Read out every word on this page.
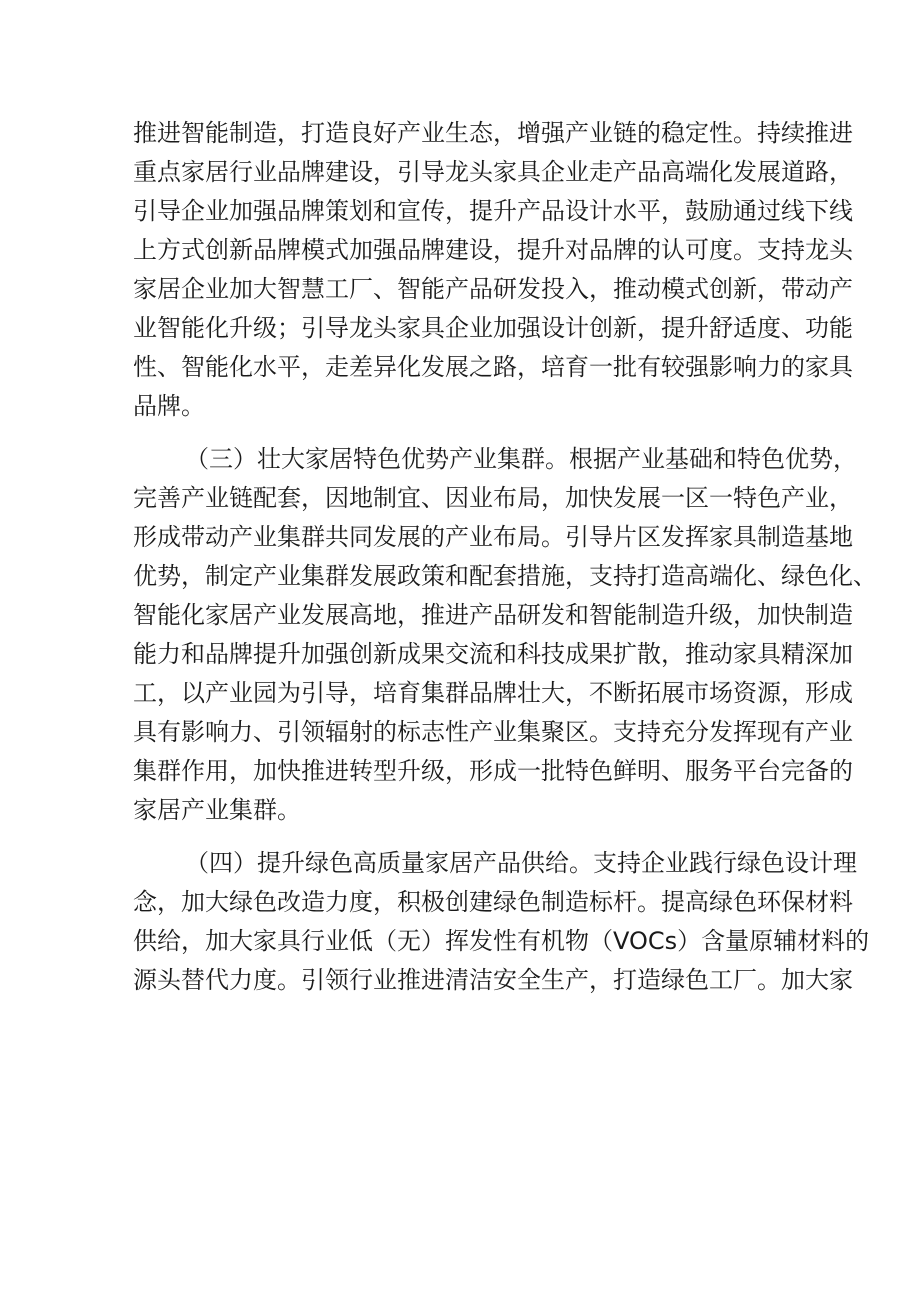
推进智能制造，打造良好产业生态，增强产业链的稳定性。持续推进
重点家居行业品牌建设，引导龙头家具企业走产品高端化发展道路，
引导企业加强品牌策划和宣传，提升产品设计水平，鼓励通过线下线
上方式创新品牌模式加强品牌建设，提升对品牌的认可度。支持龙头
家居企业加大智慧工厂、智能产品研发投入，推动模式创新，带动产
业智能化升级；引导龙头家具企业加强设计创新，提升舒适度、功能
性、智能化水平，走差异化发展之路，培育一批有较强影响力的家具
品牌。
（三）壮大家居特色优势产业集群。根据产业基础和特色优势，
完善产业链配套，因地制宜、因业布局，加快发展一区一特色产业，
形成带动产业集群共同发展的产业布局。引导片区发挥家具制造基地
优势，制定产业集群发展政策和配套措施，支持打造高端化、绿色化、
智能化家居产业发展高地，推进产品研发和智能制造升级，加快制造
能力和品牌提升加强创新成果交流和科技成果扩散，推动家具精深加
工，以产业园为引导，培育集群品牌壮大，不断拓展市场资源，形成
具有影响力、引领辐射的标志性产业集聚区。支持充分发挥现有产业
集群作用，加快推进转型升级，形成一批特色鲜明、服务平台完备的
家居产业集群。
（四）提升绿色高质量家居产品供给。支持企业践行绿色设计理
念，加大绿色改造力度，积极创建绿色制造标杆。提高绿色环保材料
供给，加大家具行业低（无）挥发性有机物（VOCs）含量原辅材料的
源头替代力度。引领行业推进清洁安全生产，打造绿色工厂。加大家
